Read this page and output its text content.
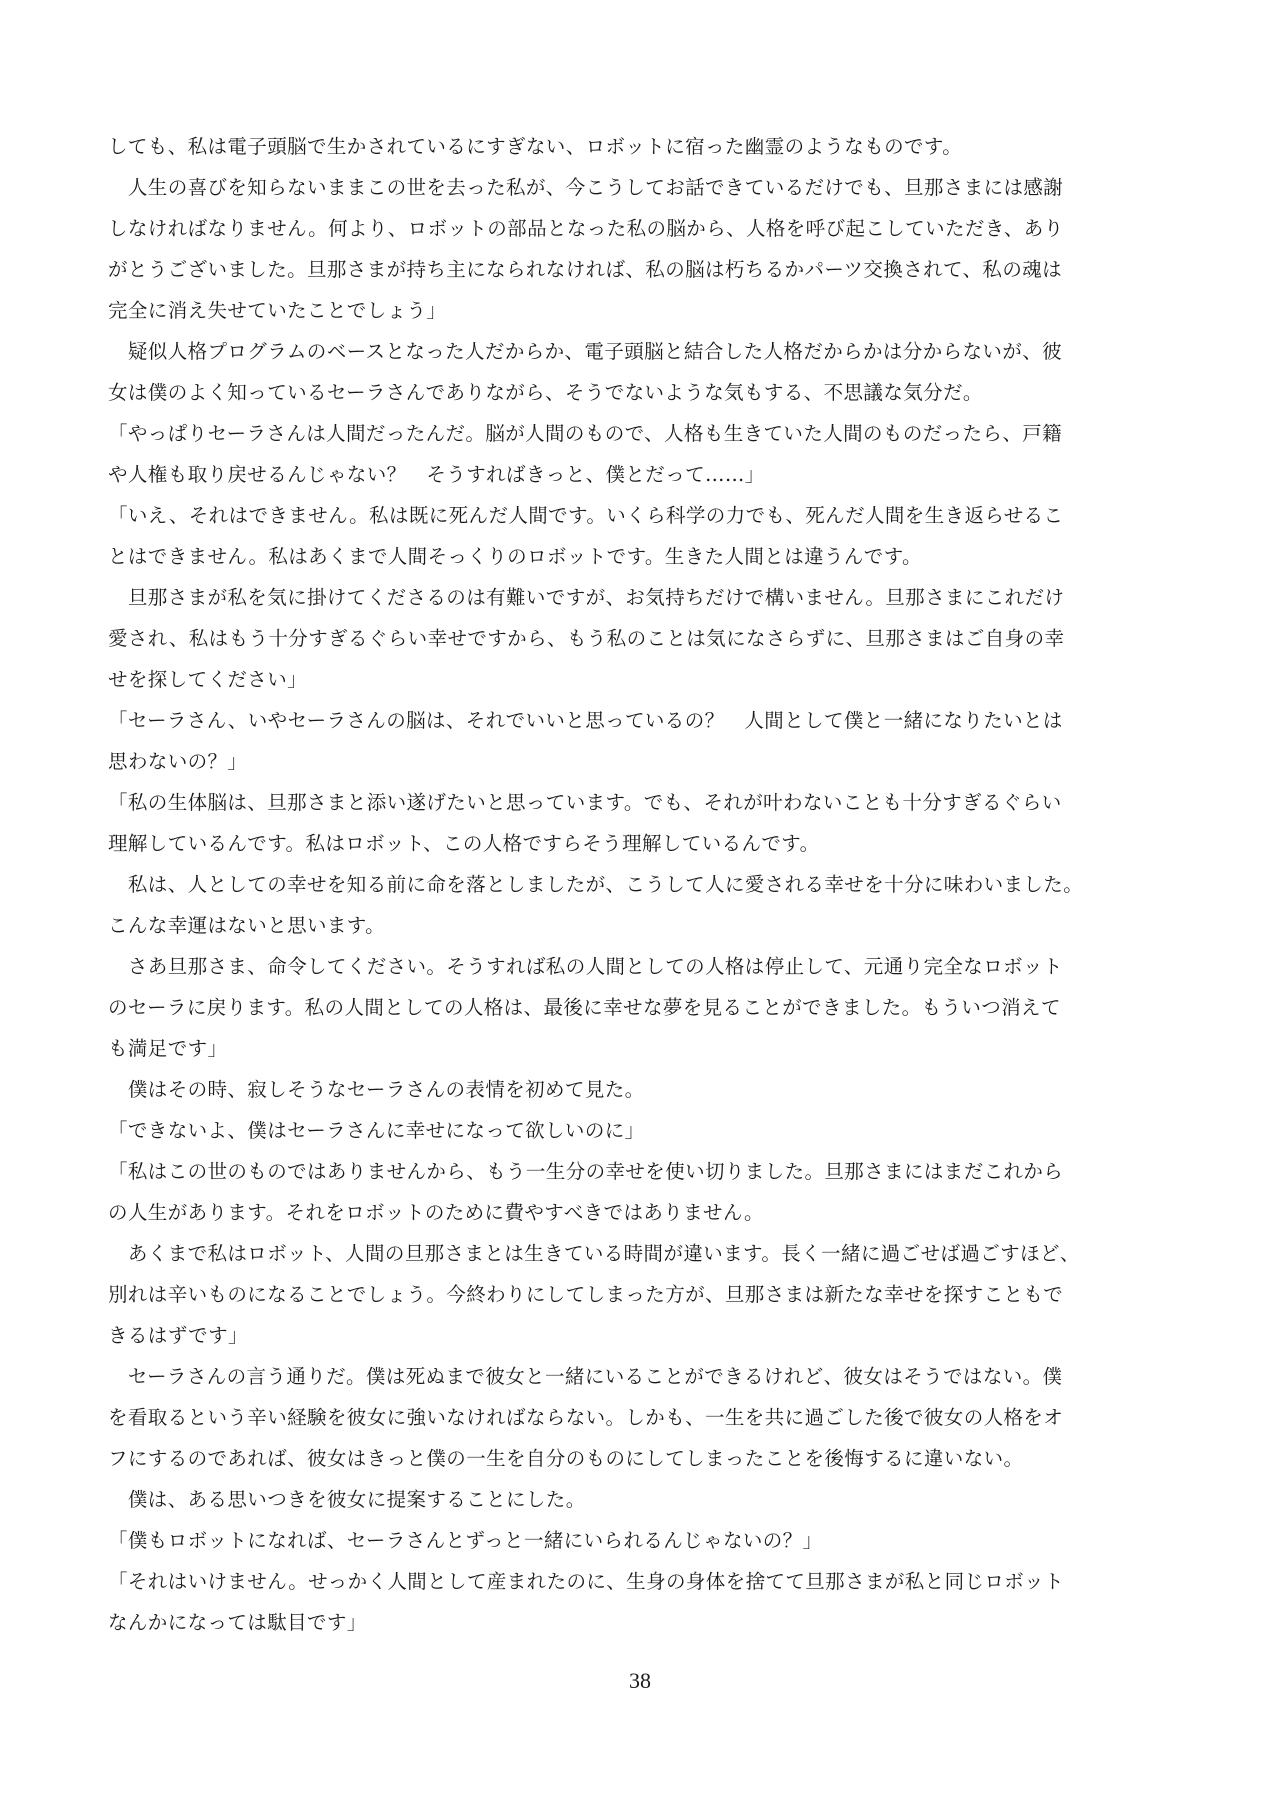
しても、私は電子頭脳で生かされているにすぎない、ロボットに宿った幽霊のようなものです。
　人生の喜びを知らないままこの世を去った私が、今こうしてお話できているだけでも、旦那さまには感謝
しなければなりません。何より、ロボットの部品となった私の脳から、人格を呼び起こしていただき、あり
がとうございました。旦那さまが持ち主になられなければ、私の脳は朽ちるかパーツ交換されて、私の魂は
完全に消え失せていたことでしょう」
　疑似人格プログラムのベースとなった人だからか、電子頭脳と結合した人格だからかは分からないが、彼
女は僕のよく知っているセーラさんでありながら、そうでないような気もする、不思議な気分だ。
「やっぱりセーラさんは人間だったんだ。脳が人間のもので、人格も生きていた人間のものだったら、戸籍
や人権も取り戻せるんじゃない？　そうすればきっと、僕とだって……」
「いえ、それはできません。私は既に死んだ人間です。いくら科学の力でも、死んだ人間を生き返らせるこ
とはできません。私はあくまで人間そっくりのロボットです。生きた人間とは違うんです。
　旦那さまが私を気に掛けてくださるのは有難いですが、お気持ちだけで構いません。旦那さまにこれだけ
愛され、私はもう十分すぎるぐらい幸せですから、もう私のことは気になさらずに、旦那さまはご自身の幸
せを探してください」
「セーラさん、いやセーラさんの脳は、それでいいと思っているの？　人間として僕と一緒になりたいとは
思わないの？」
「私の生体脳は、旦那さまと添い遂げたいと思っています。でも、それが叶わないことも十分すぎるぐらい
理解しているんです。私はロボット、この人格ですらそう理解しているんです。
　私は、人としての幸せを知る前に命を落としましたが、こうして人に愛される幸せを十分に味わいました。
こんな幸運はないと思います。
　さあ旦那さま、命令してください。そうすれば私の人間としての人格は停止して、元通り完全なロボット
のセーラに戻ります。私の人間としての人格は、最後に幸せな夢を見ることができました。もういつ消えて
も満足です」
　僕はその時、寂しそうなセーラさんの表情を初めて見た。
「できないよ、僕はセーラさんに幸せになって欲しいのに」
「私はこの世のものではありませんから、もう一生分の幸せを使い切りました。旦那さまにはまだこれから
の人生があります。それをロボットのために費やすべきではありません。
　あくまで私はロボット、人間の旦那さまとは生きている時間が違います。長く一緒に過ごせば過ごすほど、
別れは辛いものになることでしょう。今終わりにしてしまった方が、旦那さまは新たな幸せを探すこともで
きるはずです」
　セーラさんの言う通りだ。僕は死ぬまで彼女と一緒にいることができるけれど、彼女はそうではない。僕
を看取るという辛い経験を彼女に強いなければならない。しかも、一生を共に過ごした後で彼女の人格をオ
フにするのであれば、彼女はきっと僕の一生を自分のものにしてしまったことを後悔するに違いない。
　僕は、ある思いつきを彼女に提案することにした。
「僕もロボットになれば、セーラさんとずっと一緒にいられるんじゃないの？」
「それはいけません。せっかく人間として産まれたのに、生身の身体を捨てて旦那さまが私と同じロボット
なんかになっては駄目です」
38
